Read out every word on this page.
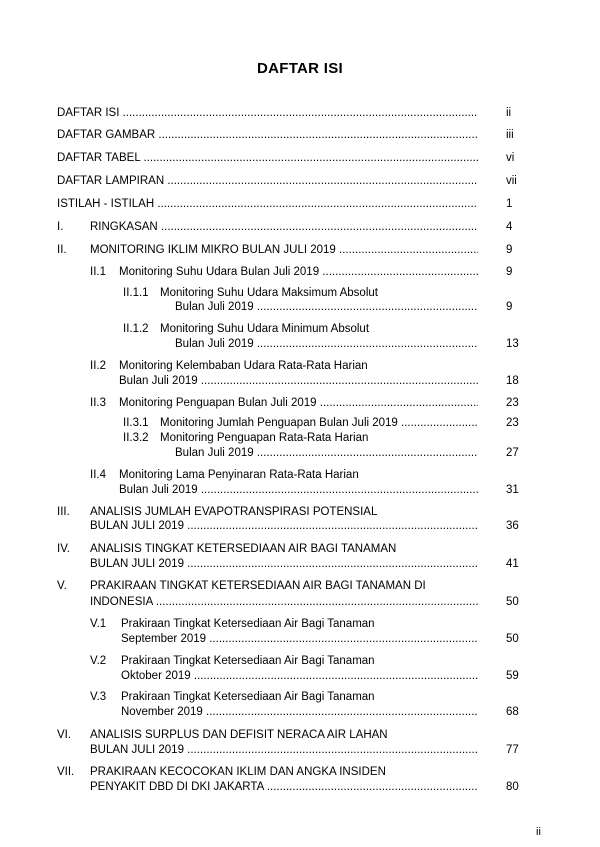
DAFTAR ISI
DAFTAR ISI .....	ii
DAFTAR GAMBAR .....	iii
DAFTAR TABEL .....	vi
DAFTAR LAMPIRAN .....	vii
ISTILAH - ISTILAH .....	1
I. RINGKASAN .....	4
II. MONITORING IKLIM MIKRO BULAN JULI 2019 .....	9
II.1 Monitoring Suhu Udara Bulan Juli 2019 .....	9
II.1.1 Monitoring Suhu Udara Maksimum Absolut
Bulan Juli 2019 .....	9
II.1.2 Monitoring Suhu Udara Minimum Absolut
Bulan Juli 2019 .....	13
II.2 Monitoring Kelembaban Udara Rata-Rata Harian
Bulan Juli 2019 .....	18
II.3 Monitoring Penguapan Bulan Juli 2019 .....	23
II.3.1 Monitoring Jumlah Penguapan Bulan Juli 2019 .....	23
II.3.2 Monitoring Penguapan Rata-Rata Harian
Bulan Juli 2019 .....	27
II.4 Monitoring Lama Penyinaran Rata-Rata Harian
Bulan Juli 2019 .....	31
III. ANALISIS JUMLAH EVAPOTRANSPIRASI POTENSIAL
BULAN JULI 2019 .....	36
IV. ANALISIS TINGKAT KETERSEDIAAN AIR BAGI TANAMAN
BULAN JULI 2019 .....	41
V. PRAKIRAAN TINGKAT KETERSEDIAAN AIR BAGI TANAMAN DI
INDONESIA .....	50
V.1 Prakiraan Tingkat Ketersediaan Air Bagi Tanaman
September 2019 .....	50
V.2 Prakiraan Tingkat Ketersediaan Air Bagi Tanaman
Oktober 2019 .....	59
V.3 Prakiraan Tingkat Ketersediaan Air Bagi Tanaman
November 2019 .....	68
VI. ANALISIS SURPLUS DAN DEFISIT NERACA AIR LAHAN
BULAN JULI 2019 .....	77
VII. PRAKIRAAN KECOCOKAN IKLIM DAN ANGKA INSIDEN
PENYAKIT DBD DI DKI JAKARTA .....	80
ii
